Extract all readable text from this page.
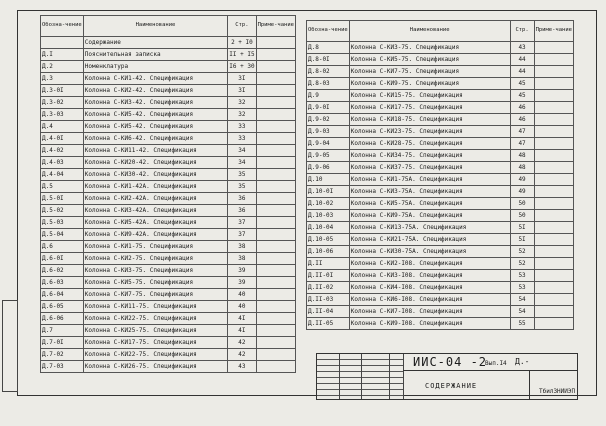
Обозна-чение	Наименование	Стр.	Приме-чание
	Содержание	2 + I0	
Д.I	Пояснительная записка	II + I5	
Д.2	Номенклатура	I6 + 30	
Д.3	Колонна С-КИ1-42. Спецификация	3I	
Д.3-0I	Колонна С-КИ2-42. Спецификация	3I	
Д.3-02	Колонна С-КИ3-42. Спецификация	32	
Д.3-03	Колонна С-КИ5-42. Спецификация	32	
Д.4	Колонна С-КИ5-42. Спецификация	33	
Д.4-0I	Колонна С-КИ6-42. Спецификация	33	
Д.4-02	Колонна С-КИ11-42. Спецификация	34	
Д.4-03	Колонна С-КИ20-42. Спецификация	34	
Д.4-04	Колонна С-КИ30-42. Спецификация	35	
Д.5	Колонна С-КИ1-42А. Спецификация	35	
Д.5-0I	Колонна С-КИ2-42А. Спецификация	36	
Д.5-02	Колонна С-КИ3-42А. Спецификация	36	
Д.5-03	Колонна С-КИ5-42А. Спецификация	37	
Д.5-04	Колонна С-КИ9-42А. Спецификация	37	
Д.6	Колонна С-КИ1-75. Спецификация	38	
Д.6-0I	Колонна С-КИ2-75. Спецификация	38	
Д.6-02	Колонна С-КИ3-75. Спецификация	39	
Д.6-03	Колонна С-КИ5-75. Спецификация	39	
Д.6-04	Колонна С-КИ7-75. Спецификация	40	
Д.6-05	Колонна С-КИ11-75. Спецификация	40	
Д.6-06	Колонна С-КИ22-75. Спецификация	4I	
Д.7	Колонна С-КИ25-75. Спецификация	4I	
Д.7-0I	Колонна С-КИ17-75. Спецификация	42	
Д.7-02	Колонна С-КИ22-75. Спецификация	42	
Д.7-03	Колонна С-КИ26-75. Спецификация	43	
Обозна-чение	Наименование	Стр.	Приме-чание
Д.8	Колонна С-КИ3-75. Спецификация	43	
Д.8-0I	Колонна С-КИ5-75. Спецификация	44	
Д.8-02	Колонна С-КИ7-75. Спецификация	44	
Д.8-03	Колонна С-КИ9-75. Спецификация	45	
Д.9	Колонна С-КИ15-75. Спецификация	45	
Д.9-0I	Колонна С-КИ17-75. Спецификация	46	
Д.9-02	Колонна С-КИ18-75. Спецификация	46	
Д.9-03	Колонна С-КИ23-75. Спецификация	47	
Д.9-04	Колонна С-КИ28-75. Спецификация	47	
Д.9-05	Колонна С-КИ34-75. Спецификация	48	
Д.9-06	Колонна С-КИ37-75. Спецификация	48	
Д.10	Колонна С-КИ1-75А. Спецификация	49	
Д.10-0I	Колонна С-КИ3-75А. Спецификация	49	
Д.10-02	Колонна С-КИ5-75А. Спецификация	50	
Д.10-03	Колонна С-КИ9-75А. Спецификация	50	
Д.10-04	Колонна С-КИ13-75А. Спецификация	5I	
Д.10-05	Колонна С-КИ21-75А. Спецификация	5I	
Д.10-06	Колонна С-КИ30-75А. Спецификация	52	
Д.II	Колонна С-КИ2-I08. Спецификация	52	
Д.II-0I	Колонна С-КИ3-I08. Спецификация	53	
Д.II-02	Колонна С-КИ4-I08. Спецификация	53	
Д.II-03	Колонна С-КИ6-I08. Спецификация	54	
Д.II-04	Колонна С-КИ7-I08. Спецификация	54	
Д.II-05	Колонна С-КИ9-I08. Спецификация	55	
ИИС-04 -2
Вып.I4 Д.-
СОДЕРЖАНИЕ
ТбилЗНИИЭП
